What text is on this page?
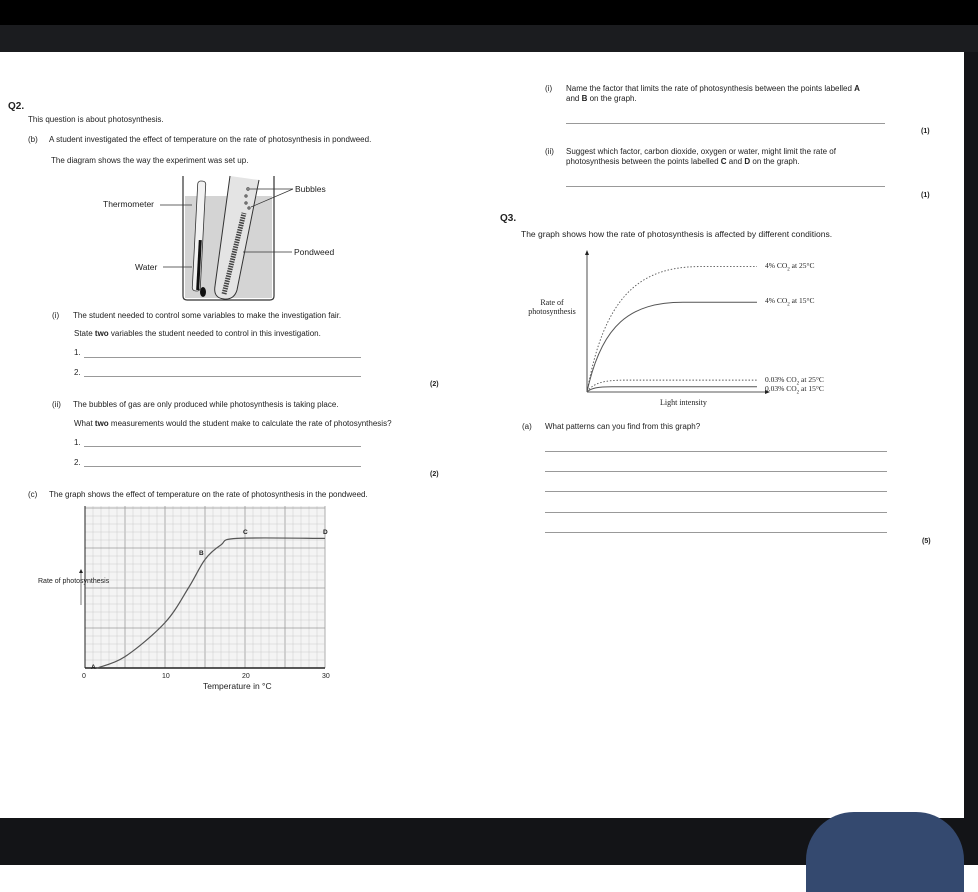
Q2.
This question is about photosynthesis.
(b) A student investigated the effect of temperature on the rate of photosynthesis in pondweed.
The diagram shows the way the experiment was set up.
Thermometer
Water
Bubbles
Pondweed
(i) The student needed to control some variables to make the investigation fair.
State two variables the student needed to control in this investigation.
1.
2.
(2)
(ii) The bubbles of gas are only produced while photosynthesis is taking place.
What two measurements would the student make to calculate the rate of photosynthesis?
1.
2.
(2)
(c) The graph shows the effect of temperature on the rate of photosynthesis in the pondweed.
Rate of photosynthesis
Temperature in °C
0	10	20	30
A
B
C	D
(i) Name the factor that limits the rate of photosynthesis between the points labelled A
and B on the graph.
(1)
(ii) Suggest which factor, carbon dioxide, oxygen or water, might limit the rate of
photosynthesis between the points labelled C and D on the graph.
(1)
Q3.
The graph shows how the rate of photosynthesis is affected by different conditions.
Rate of photosynthesis
Light intensity
4% $CO_2$ at 25°C
4% $CO_2$ at 15°C
0.03% $CO_2$ at 25°C
0.03% $CO_2$ at 15°C
(a) What patterns can you find from this graph?
(5)
